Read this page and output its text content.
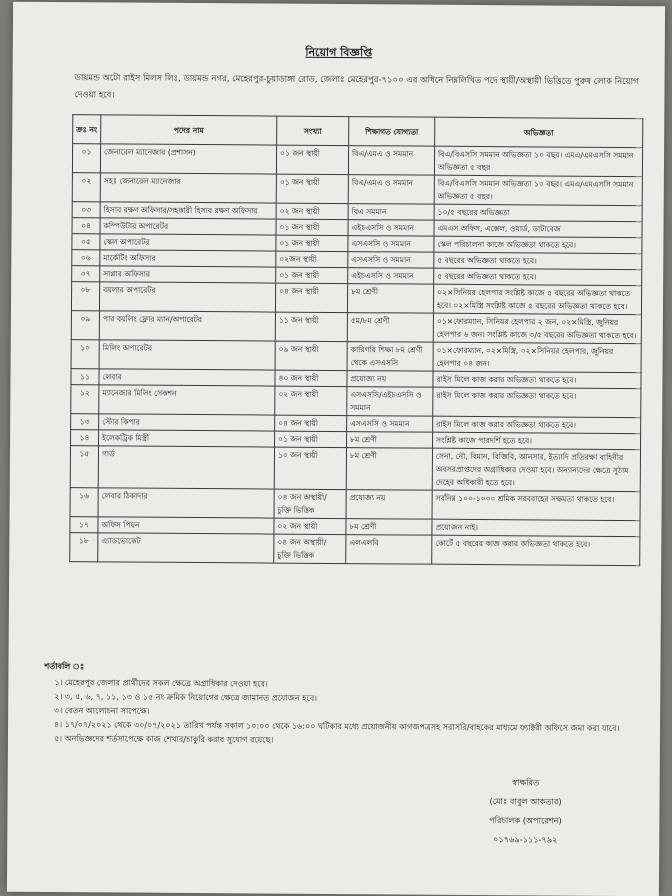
নিয়োগ বিজ্ঞপ্তি
ডায়মন্ড অটো রাইস মিলস লিঃ, ডায়মন্ড নগর, মেহেরপুর-চুয়াডাঙ্গা রোড, জেলাঃ মেহেরপুর-৭১০০ এর অধিনে নিম্নলিখিত পদে স্থায়ী/অস্থায়ী ভিত্তিতে পুরুষ লোক নিয়োগ দেওয়া হবে।
ক্রঃ নং	পদের নাম	সংখ্যা	শিক্ষাগত যোগ্যতা	অভিজ্ঞতা
০১	জেনারেল ম্যানেজার (প্রশাসন)	০১ জন স্থায়ী	বিএ/এমএ ও সমমান	বিএ/বিএসসি সমমান অভিজ্ঞতা ১০ বছর। এমএ/এমএসসি সমমান অভিজ্ঞতা ৫ বছর
০২	সহঃ জেনারেল ম্যানেজার	০১ জন স্থায়ী	বিএ/এমএ ও সমমান	বিএ/বিএসসি সমমান অভিজ্ঞতা ১০ বছর। এমএ/এমএসসি সমমান অভিজ্ঞতা ৫ বছর।
০৩	হিসাব রক্ষণ অফিসার/সহকারী হিসাব রক্ষণ অফিসার	০২ জন স্থায়ী	বিএ সমমান	১০/৫ বছরের অভিজ্ঞতা
০৪	কম্পিউটার অপারেটর	০১ জন স্থায়ী	এইচএসসি ও সমমান	এমএস অফিস, এক্সেল, ওয়ার্ড, ডাটাবেজ
০৫	স্কেল অপারেটর	০১ জন স্থায়ী	এসএসসি ও সমমান	স্কেল পরিচালনা কাজে অভিজ্ঞতা থাকতে হবে।
০৬	মার্কেটিং অফিসার	০২জন স্থায়ী	এসএসসি ও সমমান	৫ বছরের অভিজ্ঞতা থাকতে হবে।
০৭	সাপ্লার অফিসার	০১ জন স্থায়ী	এইচএসসি ও সমমান	৫ বছরের অভিজ্ঞতা থাকতে হবে।
০৮	বয়লার অপারেটর	০৪ জন স্থায়ী	৮ম শ্রেণী	০২×সিনিয়র হেলপার সংশ্লিষ্ট কাজে ৫ বছরের অভিজ্ঞতা থাকতে হবে। ০২×মিস্ত্রি সংশ্লিষ্ট কাজে ৫ বছরের অভিজ্ঞতা থাকতে হবে।
০৯	পার বয়লিং ফ্লোর ম্যান/অপারেটর	১১ জন স্থায়ী	৫ম/৮ম শ্রেণী	০১×ফোরম্যান, সিনিয়র হেলপার ২ জন, ০২×মিস্ত্রি, জুনিয়র হেলপার ৬ জন। সংশ্লিষ্ট কাজে ৩/৫ বছরের অভিজ্ঞতা থাকতে হবে।
১০	মিলিং অপারেটর	০৯ জন স্থায়ী	কারিগরি শিক্ষা ৮ম শ্রেণী থেকে এসএসসি	০১×ফোরম্যান, ০২×মিস্ত্রি, ০২×সিনিয়র হেলপার, জুনিয়র হেলপার ০৪ জন।
১১	লেবার	৪০ জন স্থায়ী	প্রযোজ্য নয়	রাইস মিলে কাজ করার অভিজ্ঞতা থাকতে হবে।
১২	ম্যানেজার মিলিং সেকশন	০২ জন স্থায়ী	এসএসসি/এইচএসসি ও সমমান	রাইস মিলে কাজ করার অভিজ্ঞতা থাকতে হবে।
১৩	স্টোর কিপার	০৪ জন স্থায়ী	এসএসসি ও সমমান	রাইস মিলে কাজ করার অভিজ্ঞতা থাকতে হবে।
১৪	ইলেকট্রিক মিস্ত্রী	০১ জন স্থায়ী	৮ম শ্রেণী	সংশ্লিষ্ট কাজে পারদর্শি হতে হবে।
১৫	গার্ড	১০ জন স্থায়ী	৮ম শ্রেণী	সেনা, নৌ, বিমান, বিজিবি, আনসার, ইত্যাদি প্রতিরক্ষা বাহিনীর অবসরপ্রাপ্তদের অগ্রাধিকার দেওয়া হবে। অন্যান্যদের ক্ষেত্রে সুঠাম দেহের অধিকারী হতে হবে।
১৬	লেবার ঠিকাদার	০৪ জন অস্থায়ী/ চুক্তি ভিত্তিক	প্রযোজ্য নয়	সর্বনিম্ন ১০০-১০০০ শ্রমিক সরবরাহের সক্ষমতা থাকতে হবে।
১৭	অফিস পিয়ন	০২ জন স্থায়ী	৮ম শ্রেণী	প্রয়োজন নাই।
১৮	এ্যাডভোকেট	০৪ জন অস্থায়ী/ চুক্তি ভিত্তিক	এলএলবি	কোর্টে ৫ বছরের কাজ করার অভিজ্ঞতা থাকতে হবে।
শর্তাবলি ঃ
১। মেহেরপুর জেলার প্রার্থীদের সকল ক্ষেত্রে অগ্রাধিকার দেওয়া হবে।
২। ৩, ৫, ৬, ৭, ১১, ১৩ ও ১৫ নং ক্রমিক নিয়োগের ক্ষেত্রে জামানত প্রযোজন হবে।
৩। বেতন আলোচনা সাপেক্ষে।
৪। ১৭/০৭/২০২১ থেকে ৩০/০৭/২০২১ তারিখ পর্যন্ত সকাল ১০:০০ থেকে ১৬:০০ ঘটিকার মধ্যে প্রয়োজনীয় কাগজপত্রসহ সরাসরি/বাহকের মাধ্যমে ফ্যাক্টরী অফিসে জমা করা যাবে।
৫। অনভিজ্ঞদের শর্তসাপেক্ষে কাজ শেখার/চাকুরি করার সুযোগ রয়েছে।
স্বাক্ষরিত
(মোঃ বাবুল আকতার)
পরিচালক (অপারেশন)
০১৭৬৯-১১১-৭৯২
